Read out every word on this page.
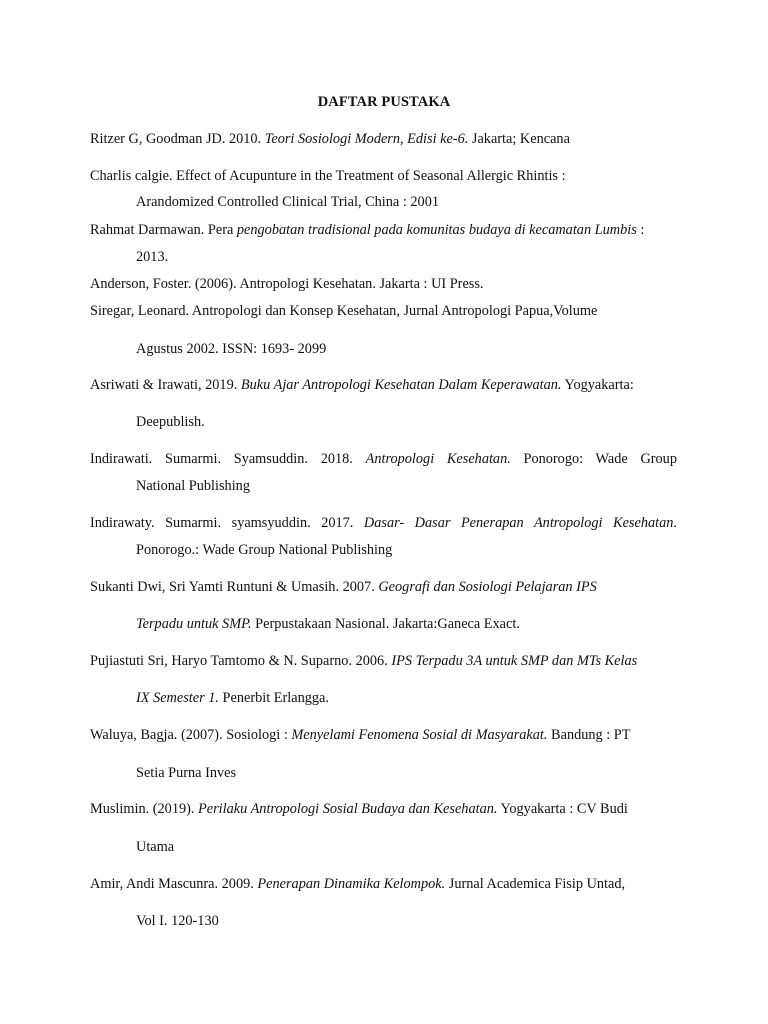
DAFTAR PUSTAKA
Ritzer G, Goodman JD. 2010. Teori Sosiologi Modern, Edisi ke-6. Jakarta; Kencana
Charlis calgie. Effect of Acupunture in the Treatment of Seasonal Allergic Rhintis :
Arandomized Controlled Clinical Trial, China : 2001
Rahmat Darmawan. Pera pengobatan tradisional pada komunitas budaya di kecamatan Lumbis :
2013.
Anderson, Foster. (2006). Antropologi Kesehatan. Jakarta : UI Press.
Siregar, Leonard. Antropologi dan Konsep Kesehatan, Jurnal Antropologi Papua,Volume
Agustus 2002. ISSN: 1693- 2099
Asriwati & Irawati, 2019. Buku Ajar Antropologi Kesehatan Dalam Keperawatan. Yogyakarta:
Deepublish.
Indirawati. Sumarmi. Syamsuddin. 2018. Antropologi Kesehatan. Ponorogo: Wade Group
National Publishing
Indirawaty. Sumarmi. syamsyuddin. 2017. Dasar- Dasar Penerapan Antropologi Kesehatan.
Ponorogo.: Wade Group National Publishing
Sukanti Dwi, Sri Yamti Runtuni & Umasih. 2007. Geografi dan Sosiologi Pelajaran IPS
Terpadu untuk SMP. Perpustakaan Nasional. Jakarta:Ganeca Exact.
Pujiastuti Sri, Haryo Tamtomo & N. Suparno. 2006. IPS Terpadu 3A untuk SMP dan MTs Kelas
IX Semester 1. Penerbit Erlangga.
Waluya, Bagja. (2007). Sosiologi : Menyelami Fenomena Sosial di Masyarakat. Bandung : PT
Setia Purna Inves
Muslimin. (2019). Perilaku Antropologi Sosial Budaya dan Kesehatan. Yogyakarta : CV Budi
Utama
Amir, Andi Mascunra. 2009. Penerapan Dinamika Kelompok. Jurnal Academica Fisip Untad,
Vol I. 120-130
